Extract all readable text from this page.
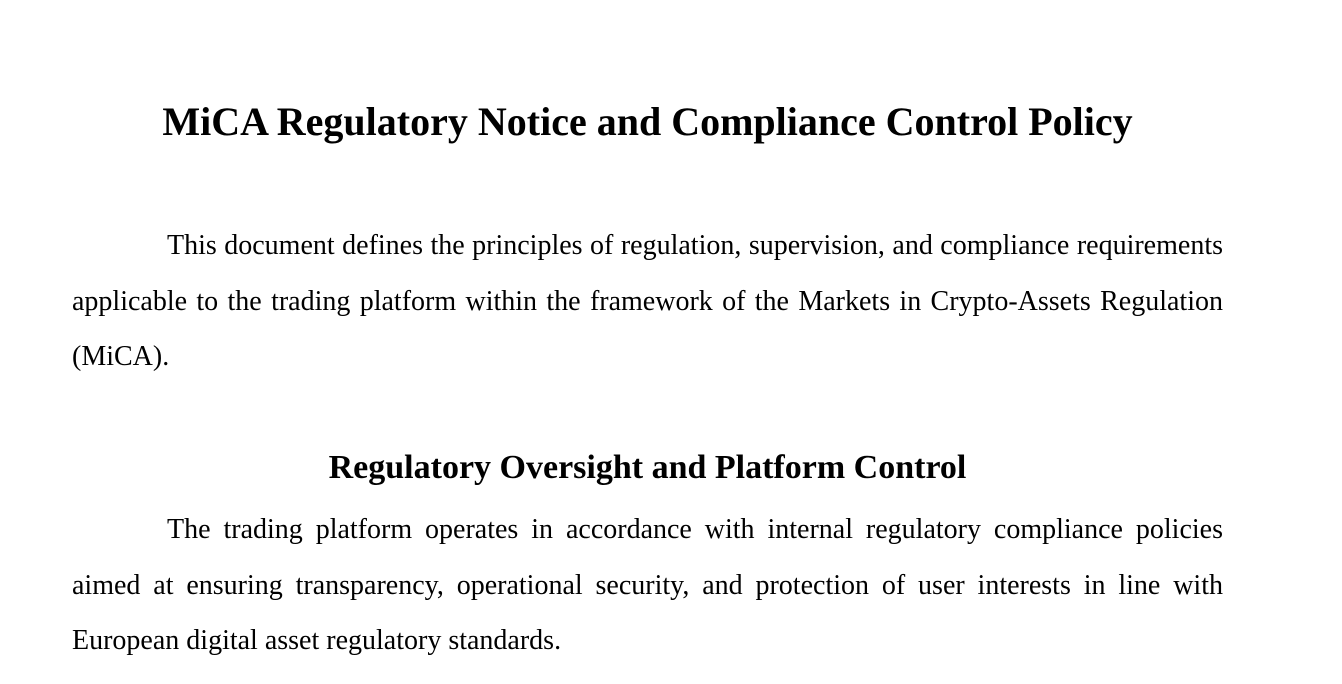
MiCA Regulatory Notice and Compliance Control Policy

This document defines the principles of regulation, supervision, and compliance requirements applicable to the trading platform within the framework of the Markets in Crypto-Assets Regulation (MiCA).

Regulatory Oversight and Platform Control

The trading platform operates in accordance with internal regulatory compliance policies aimed at ensuring transparency, operational security, and protection of user interests in line with European digital asset regulatory standards.
